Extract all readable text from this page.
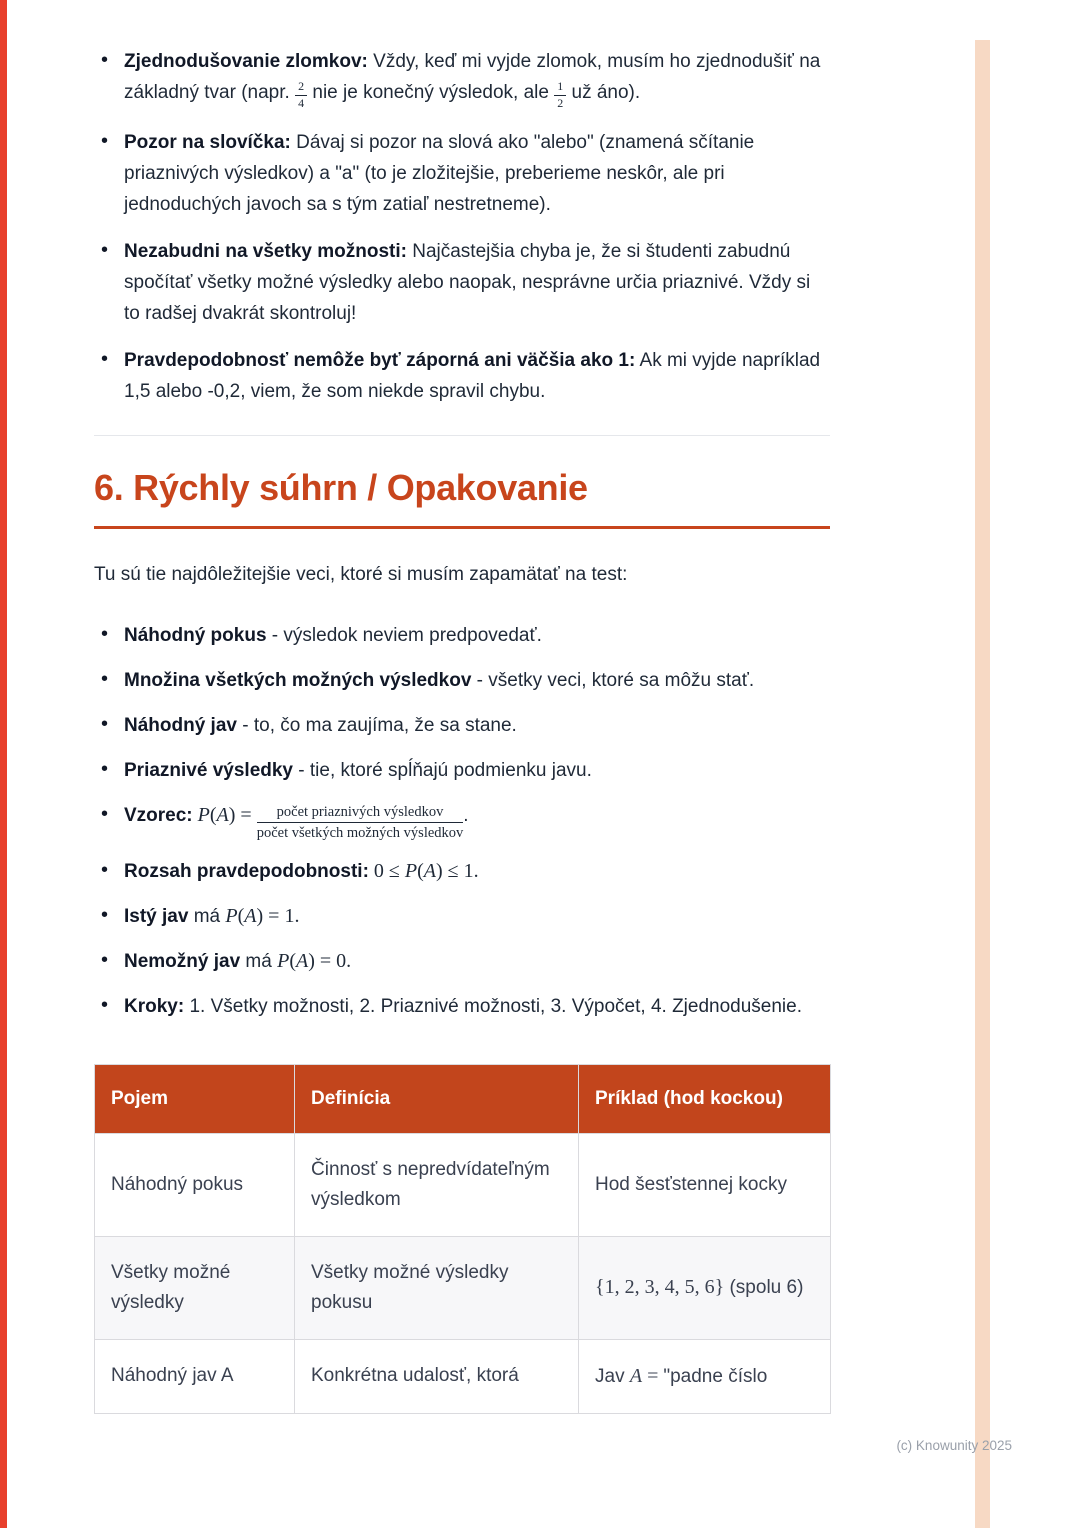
• Zjednodušovanie zlomkov: Vždy, keď mi vyjde zlomok, musím ho zjednodušiť na základný tvar (napr. $\frac{2}{4}$ nie je konečný výsledok, ale $\frac{1}{2}$ už áno).
• Pozor na slovíčka: Dávaj si pozor na slová ako "alebo" (znamená sčítanie priaznivých výsledkov) a "a" (to je zložitejšie, preberieme neskôr, ale pri jednoduchých javoch sa s tým zatiaľ nestretneme).
• Nezabudni na všetky možnosti: Najčastejšia chyba je, že si študenti zabudnú spočítať všetky možné výsledky alebo naopak, nesprávne určia priaznivé. Vždy si to radšej dvakrát skontroluj!
• Pravdepodobnosť nemôže byť záporná ani väčšia ako 1: Ak mi vyjde napríklad 1,5 alebo -0,2, viem, že som niekde spravil chybu.
6. Rýchly súhrn / Opakovanie

Tu sú tie najdôležitejšie veci, ktoré si musím zapamätať na test:

• Náhodný pokus - výsledok neviem predpovedať.
• Množina všetkých možných výsledkov - všetky veci, ktoré sa môžu stať.
• Náhodný jav - to, čo ma zaujíma, že sa stane.
• Priaznivé výsledky - tie, ktoré spĺňajú podmienku javu.
• Vzorec: $P(A) = \frac{\text{počet priaznivých výsledkov}}{\text{počet všetkých možných výsledkov}}$ .
• Rozsah pravdepodobnosti: 0 ≤ P(A) ≤ 1.
• Istý jav má P(A) = 1.
• Nemožný jav má P(A) = 0.
• Kroky: 1. Všetky možnosti, 2. Priaznivé možnosti, 3. Výpočet, 4. Zjednodušenie.
Pojem	Definícia	Príklad (hod kockou)
Náhodný pokus	Činnosť s nepredvídateľným výsledkom	Hod šesťstennej kocky
Všetky možné výsledky	Všetky možné výsledky pokusu	{1, 2, 3, 4, 5, 6} (spolu 6)
Náhodný jav A	Konkrétna udalosť, ktorá	Jav A = "padne číslo
(c) Knowunity 2025
